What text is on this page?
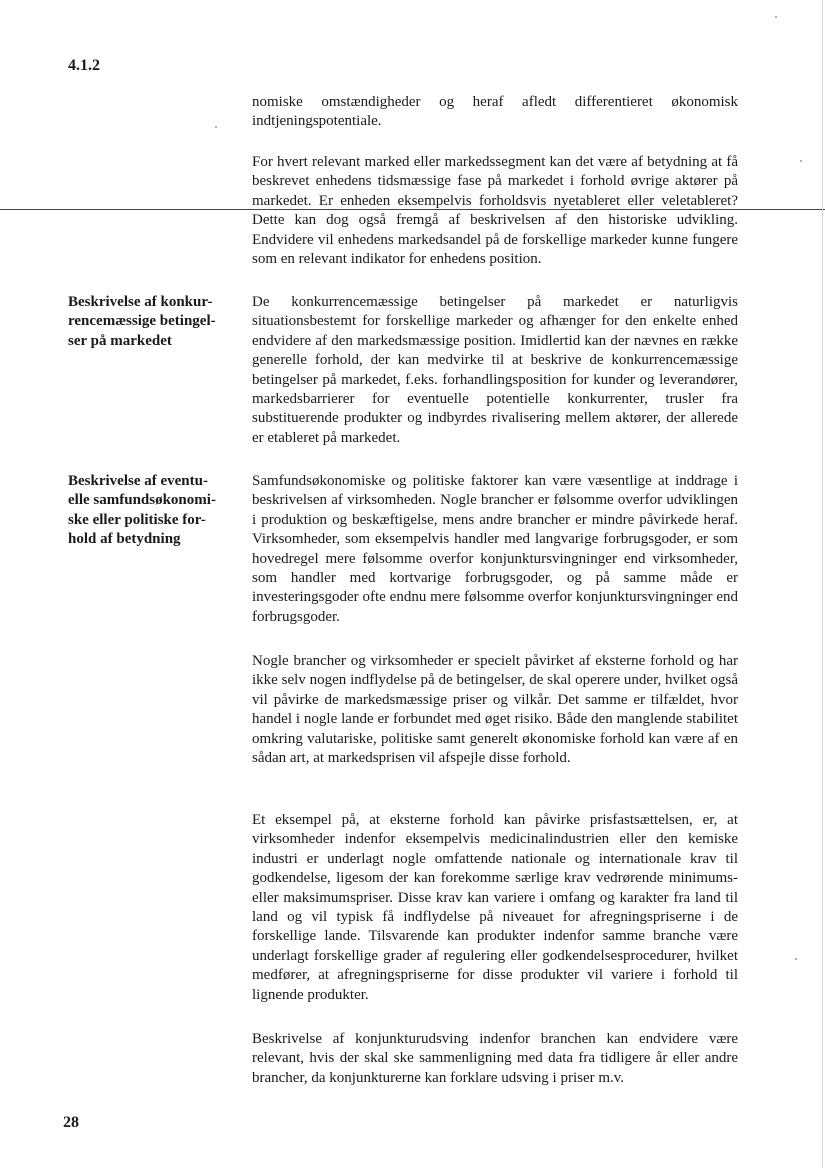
4.1.2

nomiske omstændigheder og heraf afledt differentieret økonomisk indtjeningspotentiale.

For hvert relevant marked eller markedssegment kan det være af betydning at få beskrevet enhedens tidsmæssige fase på markedet i forhold øvrige aktører på markedet. Er enheden eksempelvis forholdsvis nyetableret eller veletableret? Dette kan dog også fremgå af beskrivelsen af den historiske udvikling. Endvidere vil enhedens markedsandel på de forskellige markeder kunne fungere som en relevant indikator for enhedens position.

Beskrivelse af konkur-
rencemæssige betingel-
ser på markedet

De konkurrencemæssige betingelser på markedet er naturligvis situationsbestemt for forskellige markeder og afhænger for den enkelte enhed endvidere af den markedsmæssige position. Imidlertid kan der nævnes en række generelle forhold, der kan medvirke til at beskrive de konkurrencemæssige betingelser på markedet, f.eks. forhandlingsposition for kunder og leverandører, markedsbarrierer for eventuelle potentielle konkurrenter, trusler fra substituerende produkter og indbyrdes rivalisering mellem aktører, der allerede er etableret på markedet.

Beskrivelse af eventu-
elle samfundsøkonomi-
ske eller politiske for-
hold af betydning

Samfundsøkonomiske og politiske faktorer kan være væsentlige at inddrage i beskrivelsen af virksomheden. Nogle brancher er følsomme overfor udviklingen i produktion og beskæftigelse, mens andre brancher er mindre påvirkede heraf. Virksomheder, som eksempelvis handler med langvarige forbrugsgoder, er som hovedregel mere følsomme overfor konjunktursvingninger end virksomheder, som handler med kortvarige forbrugsgoder, og på samme måde er investeringsgoder ofte endnu mere følsomme overfor konjunktursvingninger end forbrugsgoder.

Nogle brancher og virksomheder er specielt påvirket af eksterne forhold og har ikke selv nogen indflydelse på de betingelser, de skal operere under, hvilket også vil påvirke de markedsmæssige priser og vilkår. Det samme er tilfældet, hvor handel i nogle lande er forbundet med øget risiko. Både den manglende stabilitet omkring valutariske, politiske samt generelt økonomiske forhold kan være af en sådan art, at markedsprisen vil afspejle disse forhold.

Et eksempel på, at eksterne forhold kan påvirke prisfastsættelsen, er, at virksomheder indenfor eksempelvis medicinalindustrien eller den kemiske industri er underlagt nogle omfattende nationale og internationale krav til godkendelse, ligesom der kan forekomme særlige krav vedrørende minimums- eller maksimumspriser. Disse krav kan variere i omfang og karakter fra land til land og vil typisk få indflydelse på niveauet for afregningspriserne i de forskellige lande. Tilsvarende kan produkter indenfor samme branche være underlagt forskellige grader af regulering eller godkendelsesprocedurer, hvilket medfører, at afregningspriserne for disse produkter vil variere i forhold til lignende produkter.

Beskrivelse af konjunkturudsving indenfor branchen kan endvidere være relevant, hvis der skal ske sammenligning med data fra tidligere år eller andre brancher, da konjunkturerne kan forklare udsving i priser m.v.

28
